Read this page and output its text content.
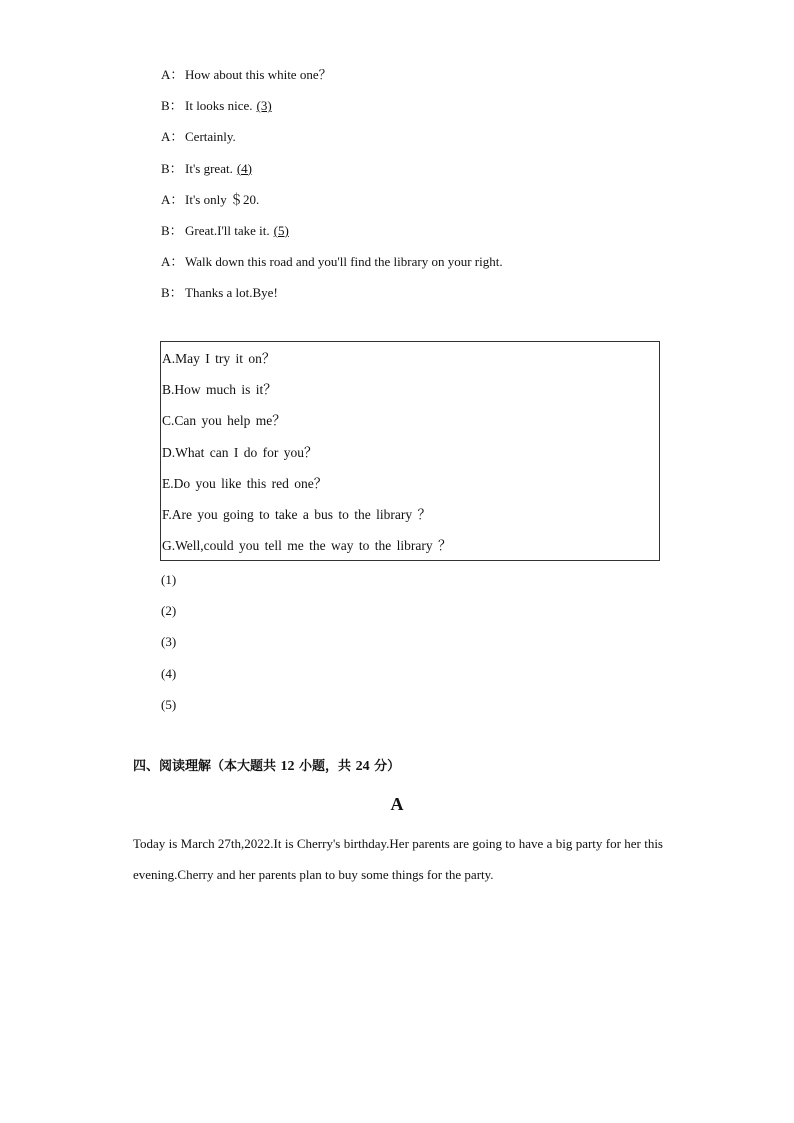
A： How about this white one？
B： It looks nice. (3)
A： Certainly.
B： It's great. (4)
A： It's only ＄20.
B： Great.I'll take it. (5)
A： Walk down this road and you'll find the library on your right.
B： Thanks a lot.Bye!
A.May I try it on？
B.How much is it？
C.Can you help me？
D.What can I do for you？
E.Do you like this red one？
F.Are you going to take a bus to the library ？
G.Well,could you tell me the way to the library ？
(1)
(2)
(3)
(4)
(5)
四、阅读理解（本大题共 12 小题，共 24 分）
A
Today is March 27th,2022.It is Cherry's birthday.Her parents are going to have a big party for her this evening.Cherry and her parents plan to buy some things for the party.
